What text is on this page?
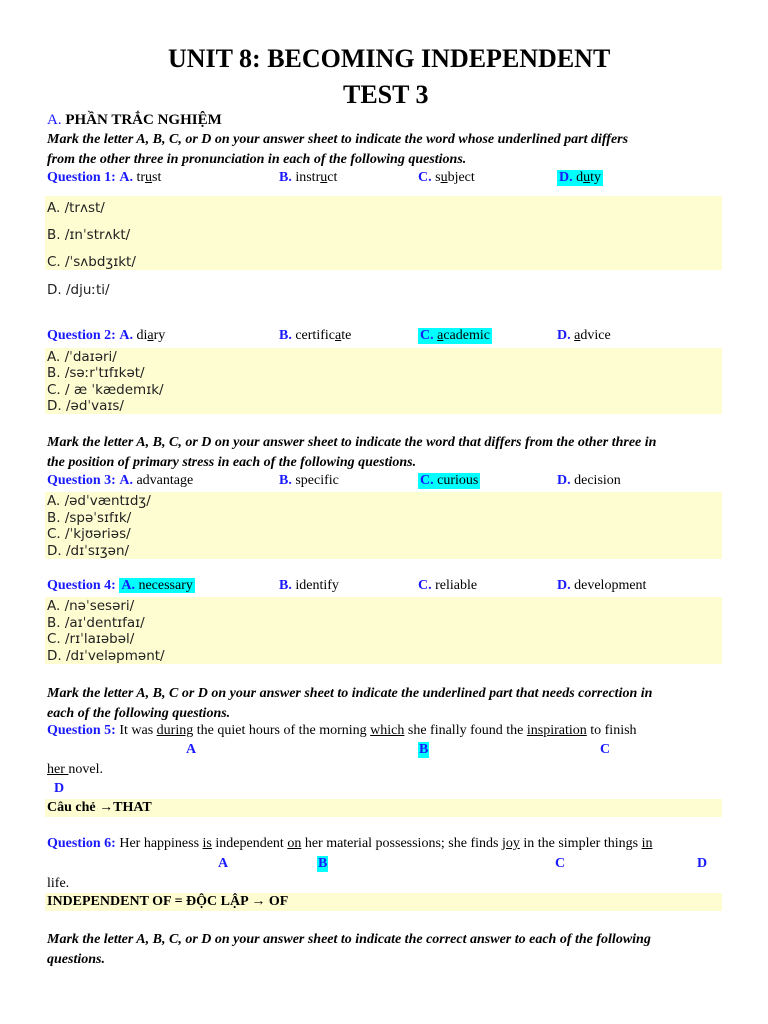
UNIT 8: BECOMING INDEPENDENT
TEST 3
A. PHẦN TRẮC NGHIỆM
Mark the letter A, B, C, or D on your answer sheet to indicate the word whose underlined part differs
from the other three in pronunciation in each of the following questions.
Question 1: A. trust	B. instruct	C. subject	D. duty
A. /trʌst/
B. /ɪnˈstrʌkt/
C. /ˈsʌbdʒɪkt/
D. /djuːti/
Question 2: A. diary	B. certificate	C. academic	D. advice
A. /ˈdaɪəri/
B. /səːrˈtɪfɪkət/
C. / æ ˈkædemɪk/
D. /ədˈvaɪs/
Mark the letter A, B, C, or D on your answer sheet to indicate the word that differs from the other three in
the position of primary stress in each of the following questions.
Question 3: A. advantage	B. specific	C. curious	D. decision
A. /ədˈvæntɪdʒ/
B. /spəˈsɪfɪk/
C. /ˈkjʊəriəs/
D. /dɪˈsɪʒən/
Question 4: A. necessary	B. identify	C. reliable	D. development
A. /nəˈsesəri/
B. /aɪˈdentɪfaɪ/
C. /rɪˈlaɪəbəl/
D. /dɪˈveləpmənt/
Mark the letter A, B, C or D on your answer sheet to indicate the underlined part that needs correction in
each of the following questions.
Question 5: It was during the quiet hours of the morning which she finally found the inspiration to finish
A	B	C
her novel.
D
Câu chẻ →THAT
Question 6: Her happiness is independent on her material possessions; she finds joy in the simpler things in
A	B	C	D
life.
INDEPENDENT OF = ĐỘC LẬP → OF
Mark the letter A, B, C, or D on your answer sheet to indicate the correct answer to each of the following
questions.
